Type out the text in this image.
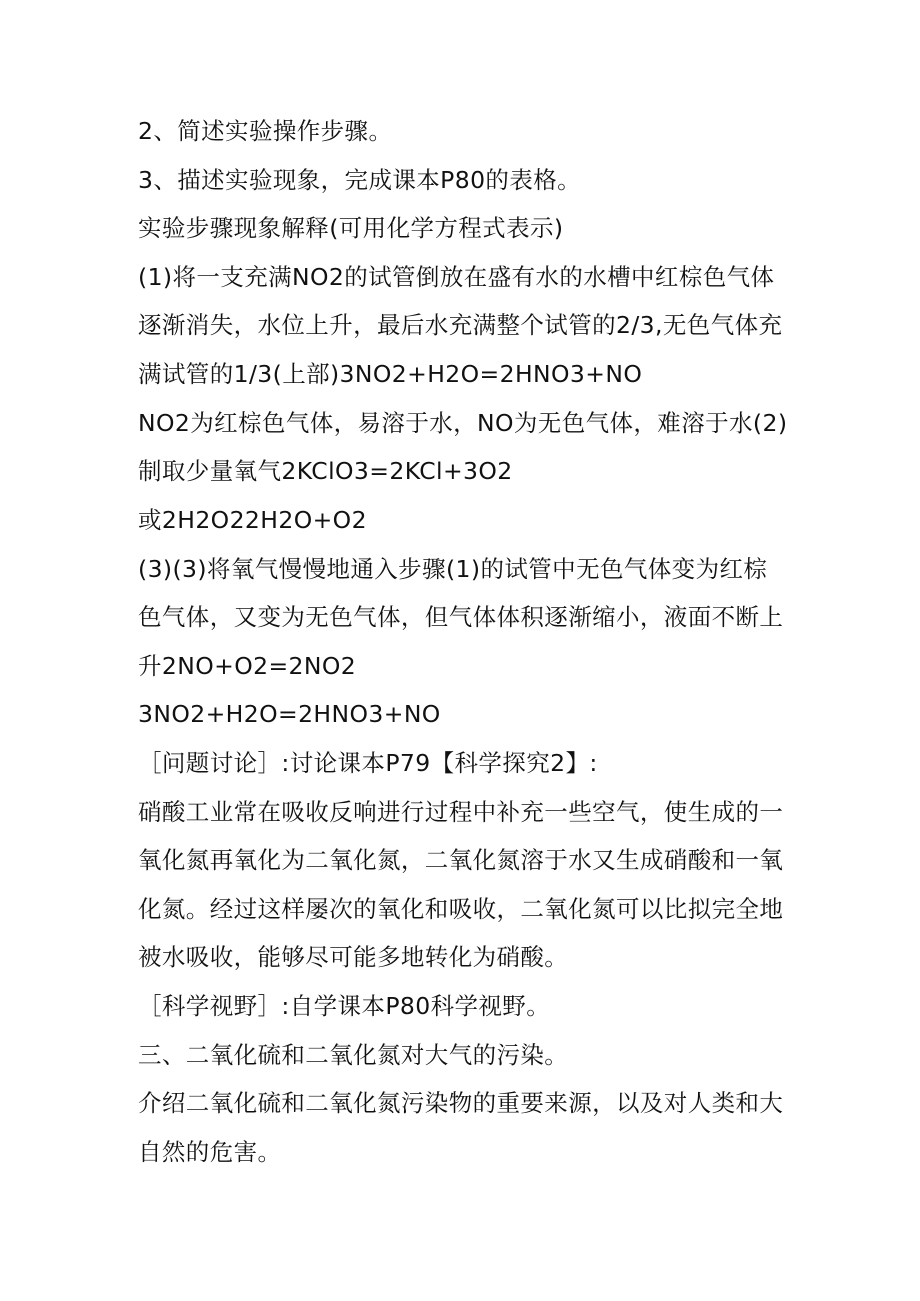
2、简述实验操作步骤。
3、描述实验现象，完成课本P80的表格。
实验步骤现象解释(可用化学方程式表示)
(1)将一支充满NO2的试管倒放在盛有水的水槽中红棕色气体
逐渐消失，水位上升，最后水充满整个试管的2/3,无色气体充
满试管的1/3(上部)3NO2+H2O=2HNO3+NO
NO2为红棕色气体，易溶于水，NO为无色气体，难溶于水(2)
制取少量氧气2KClO3=2KCl+3O2
或2H2O22H2O+O2
(3)(3)将氧气慢慢地通入步骤(1)的试管中无色气体变为红棕
色气体，又变为无色气体，但气体体积逐渐缩小，液面不断上
升2NO+O2=2NO2
3NO2+H2O=2HNO3+NO
［问题讨论］:讨论课本P79【科学探究2】:
硝酸工业常在吸收反响进行过程中补充一些空气，使生成的一
氧化氮再氧化为二氧化氮，二氧化氮溶于水又生成硝酸和一氧
化氮。经过这样屡次的氧化和吸收，二氧化氮可以比拟完全地
被水吸收，能够尽可能多地转化为硝酸。
［科学视野］:自学课本P80科学视野。
三、二氧化硫和二氧化氮对大气的污染。
介绍二氧化硫和二氧化氮污染物的重要来源，以及对人类和大
自然的危害。
